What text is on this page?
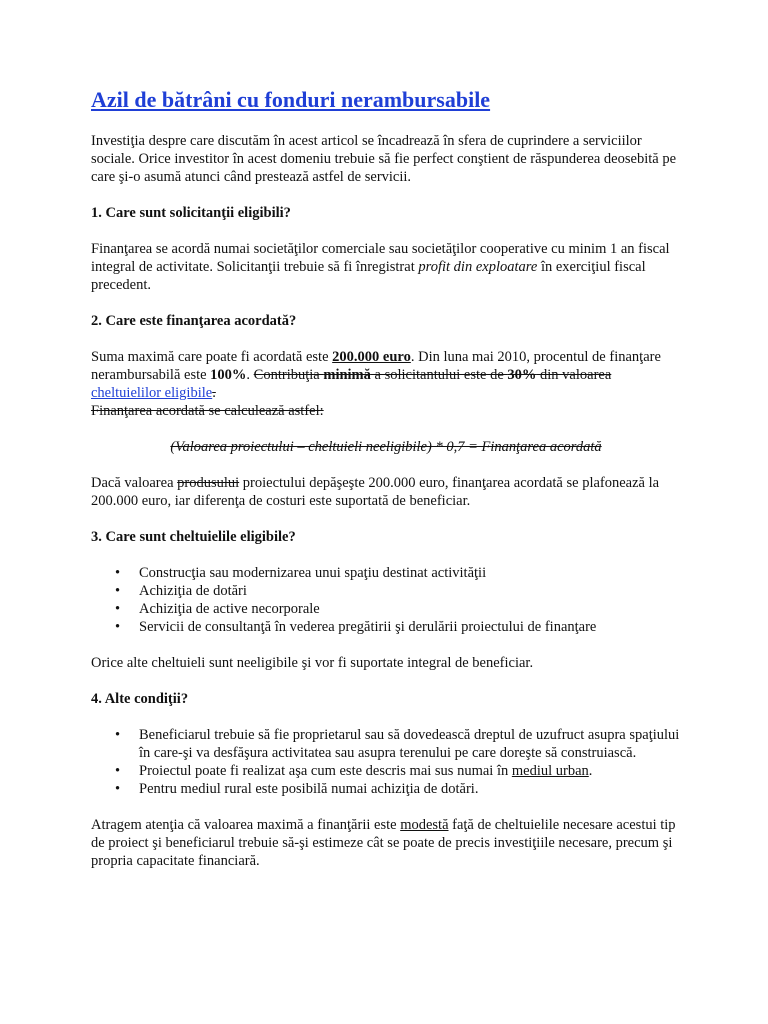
Azil de bătrâni cu fonduri nerambursabile

Investiţia despre care discutăm în acest articol se încadrează în sfera de cuprindere a serviciilor sociale. Orice investitor în acest domeniu trebuie să fie perfect conştient de răspunderea deosebită pe care şi-o asumă atunci când prestează astfel de servicii.

1. Care sunt solicitanţii eligibili?

Finanţarea se acordă numai societăţilor comerciale sau societăţilor cooperative cu minim 1 an fiscal integral de activitate. Solicitanţii trebuie să fi înregistrat profit din exploatare în exerciţiul fiscal precedent.

2. Care este finanţarea acordată?

Suma maximă care poate fi acordată este 200.000 euro. Din luna mai 2010, procentul de finanţare nerambursabilă este 100%. Contribuţia minimă a solicitantului este de 30% din valoarea cheltuielilor eligibile.
Finanţarea acordată se calculează astfel:

(Valoarea proiectului – cheltuieli neeligibile) * 0,7 = Finanţarea acordată

Dacă valoarea produsului proiectului depăşeşte 200.000 euro, finanţarea acordată se plafonează la 200.000 euro, iar diferenţa de costuri este suportată de beneficiar.

3. Care sunt cheltuielile eligibile?

• Construcţia sau modernizarea unui spaţiu destinat activităţii
• Achiziţia de dotări
• Achiziţia de active necorporale
• Servicii de consultanţă în vederea pregătirii şi derulării proiectului de finanţare

Orice alte cheltuieli sunt neeligibile şi vor fi suportate integral de beneficiar.

4. Alte condiţii?

• Beneficiarul trebuie să fie proprietarul sau să dovedească dreptul de uzufruct asupra spaţiului în care-şi va desfăşura activitatea sau asupra terenului pe care doreşte să construiască.
• Proiectul poate fi realizat aşa cum este descris mai sus numai în mediul urban.
• Pentru mediul rural este posibilă numai achiziţia de dotări.

Atragem atenţia că valoarea maximă a finanţării este modestă faţă de cheltuielile necesare acestui tip de proiect şi beneficiarul trebuie să-şi estimeze cât se poate de precis investiţiile necesare, precum şi propria capacitate financiară.
